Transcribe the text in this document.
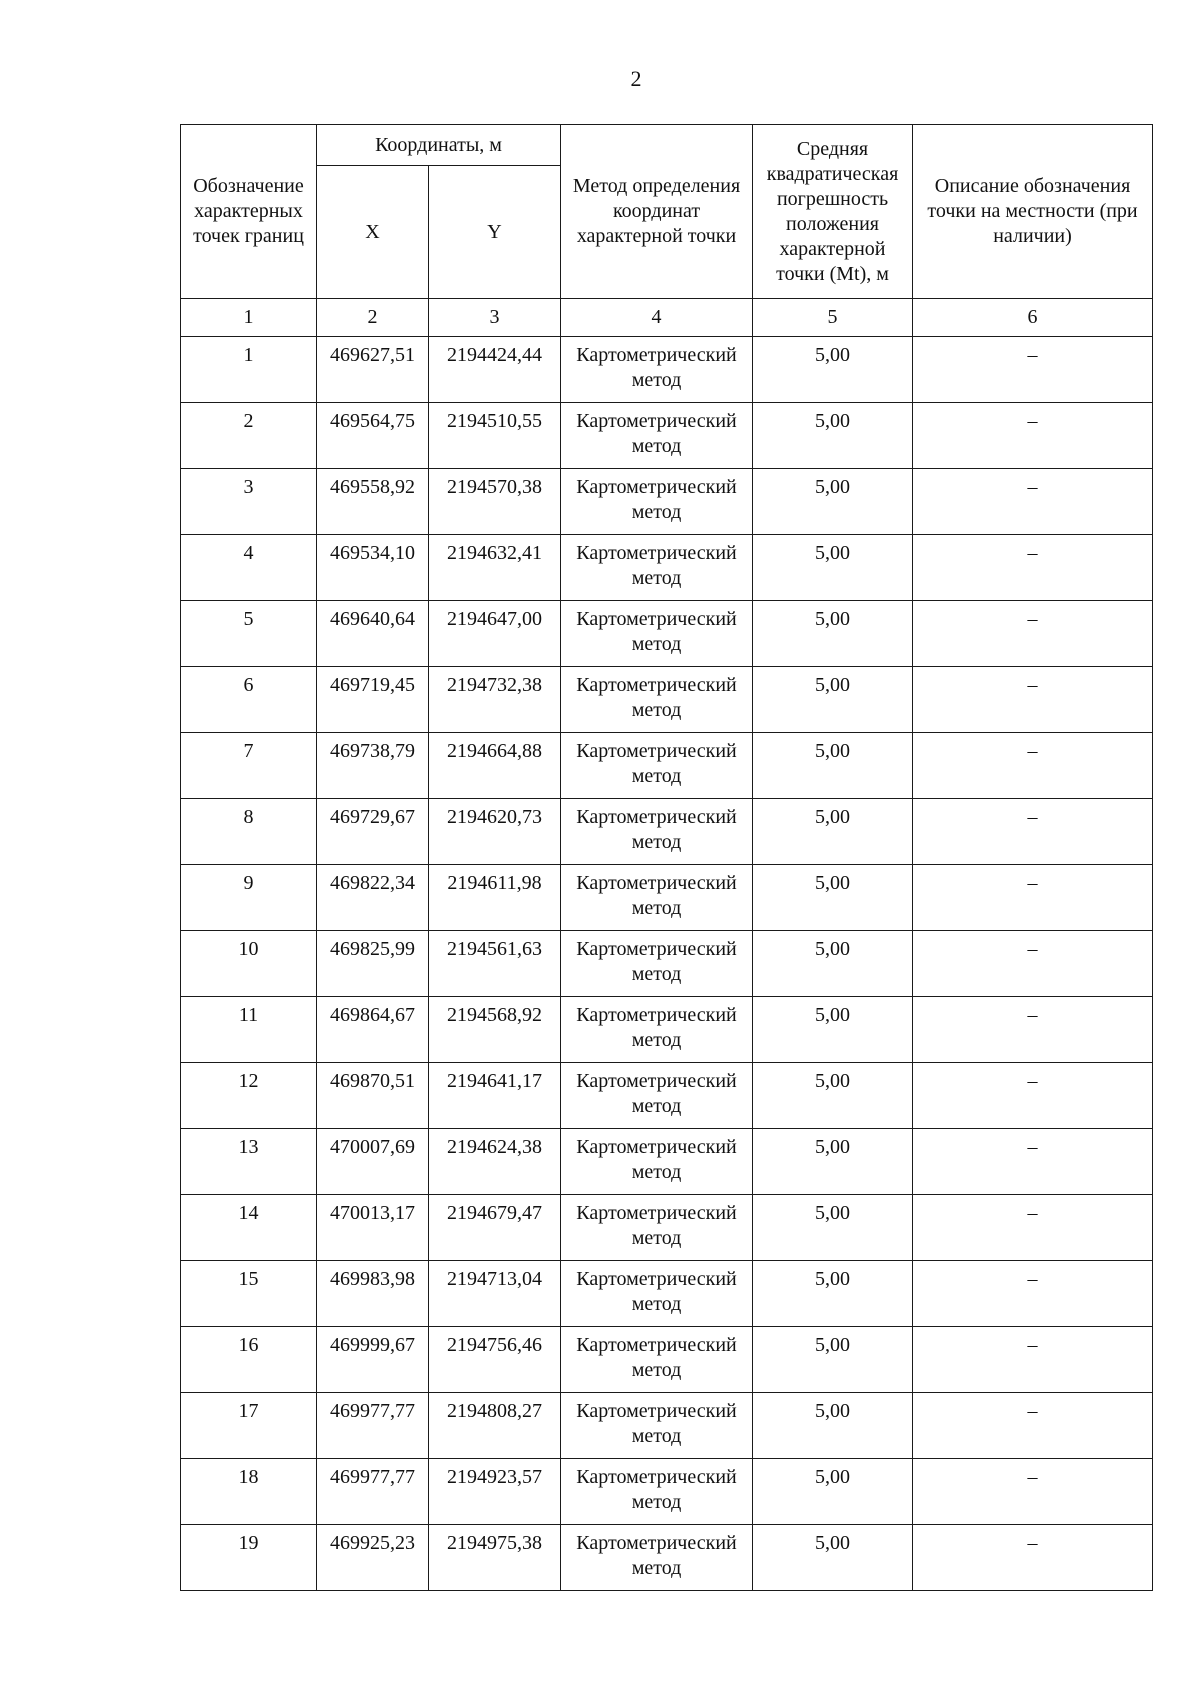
2
Обозначение характерных точек границ	Координаты, м		Метод определения координат характерной точки	Средняя квадратическая погрешность положения характерной точки (Mt), м	Описание обозначения точки на местности (при наличии)
	X	Y			
1	2	3	4	5	6
1	469627,51	2194424,44	Картометрический метод	5,00	–
2	469564,75	2194510,55	Картометрический метод	5,00	–
3	469558,92	2194570,38	Картометрический метод	5,00	–
4	469534,10	2194632,41	Картометрический метод	5,00	–
5	469640,64	2194647,00	Картометрический метод	5,00	–
6	469719,45	2194732,38	Картометрический метод	5,00	–
7	469738,79	2194664,88	Картометрический метод	5,00	–
8	469729,67	2194620,73	Картометрический метод	5,00	–
9	469822,34	2194611,98	Картометрический метод	5,00	–
10	469825,99	2194561,63	Картометрический метод	5,00	–
11	469864,67	2194568,92	Картометрический метод	5,00	–
12	469870,51	2194641,17	Картометрический метод	5,00	–
13	470007,69	2194624,38	Картометрический метод	5,00	–
14	470013,17	2194679,47	Картометрический метод	5,00	–
15	469983,98	2194713,04	Картометрический метод	5,00	–
16	469999,67	2194756,46	Картометрический метод	5,00	–
17	469977,77	2194808,27	Картометрический метод	5,00	–
18	469977,77	2194923,57	Картометрический метод	5,00	–
19	469925,23	2194975,38	Картометрический метод	5,00	–
